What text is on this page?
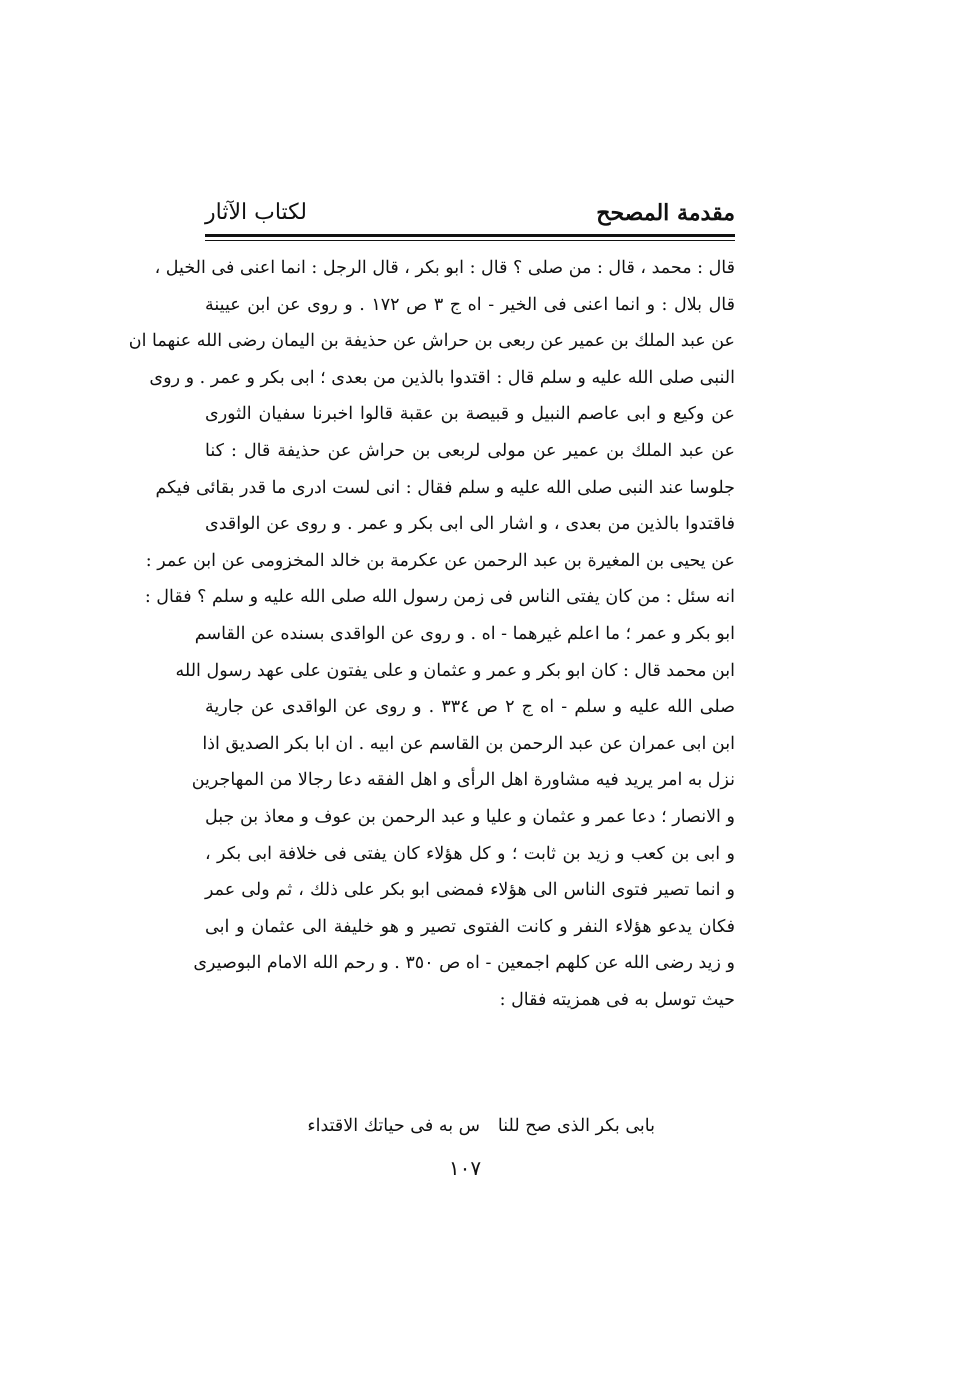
مقدمة المصحح
لكتاب الآثار
قال : محمد ، قال : من صلى ؟ قال : ابو بكر ، قال الرجل : انما اعنى فى الخيل ،
قال بلال : و انما اعنى فى الخير - اه ج ٣ ص ١٧٢ . و روى عن ابن عيينة
عن عبد الملك بن عمير عن ربعى بن حراش عن حذيفة بن اليمان رضى الله عنهما ان
النبى صلى الله عليه و سلم قال : اقتدوا بالذين من بعدى ؛ ابى بكر و عمر . و روى
عن وكيع و ابى عاصم النبيل و قبيصة بن عقبة قالوا اخبرنا سفيان الثورى
عن عبد الملك بن عمير عن مولى لربعى بن حراش عن حذيفة قال : كنا
جلوسا عند النبى صلى الله عليه و سلم فقال : انى لست ادرى ما قدر بقائى فيكم
فاقتدوا بالذين من بعدى ، و اشار الى ابى بكر و عمر . و روى عن الواقدى
عن يحيى بن المغيرة بن عبد الرحمن عن عكرمة بن خالد المخزومى عن ابن عمر :
انه سئل : من كان يفتى الناس فى زمن رسول الله صلى الله عليه و سلم ؟ فقال :
ابو بكر و عمر ؛ ما اعلم غيرهما - اه . و روى عن الواقدى بسنده عن القاسم
ابن محمد قال : كان ابو بكر و عمر و عثمان و على يفتون على عهد رسول الله
صلى الله عليه و سلم - اه ج ٢ ص ٣٣٤ . و روى عن الواقدى عن جارية
ابن ابى عمران عن عبد الرحمن بن القاسم عن ابيه . ان ابا بكر الصديق اذا
نزل به امر يريد فيه مشاورة اهل الرأى و اهل الفقه دعا رجالا من المهاجرين
و الانصار ؛ دعا عمر و عثمان و عليا و عبد الرحمن بن عوف و معاذ بن جبل
و ابى بن كعب و زيد بن ثابت ؛ و كل هؤلاء كان يفتى فى خلافة ابى بكر ،
و انما تصير فتوى الناس الى هؤلاء فمضى ابو بكر على ذلك ، ثم ولى عمر
فكان يدعو هؤلاء النفر و كانت الفتوى تصير و هو خليفة الى عثمان و ابى
و زيد رضى الله عن كلهم اجمعين - اه ص ٣٥٠ . و رحم الله الامام البوصيرى
حيث توسل به فى همزيته فقال :
بابى بكر الذى صح للنا
س به فى حياتك الاقتداء
١٠٧
